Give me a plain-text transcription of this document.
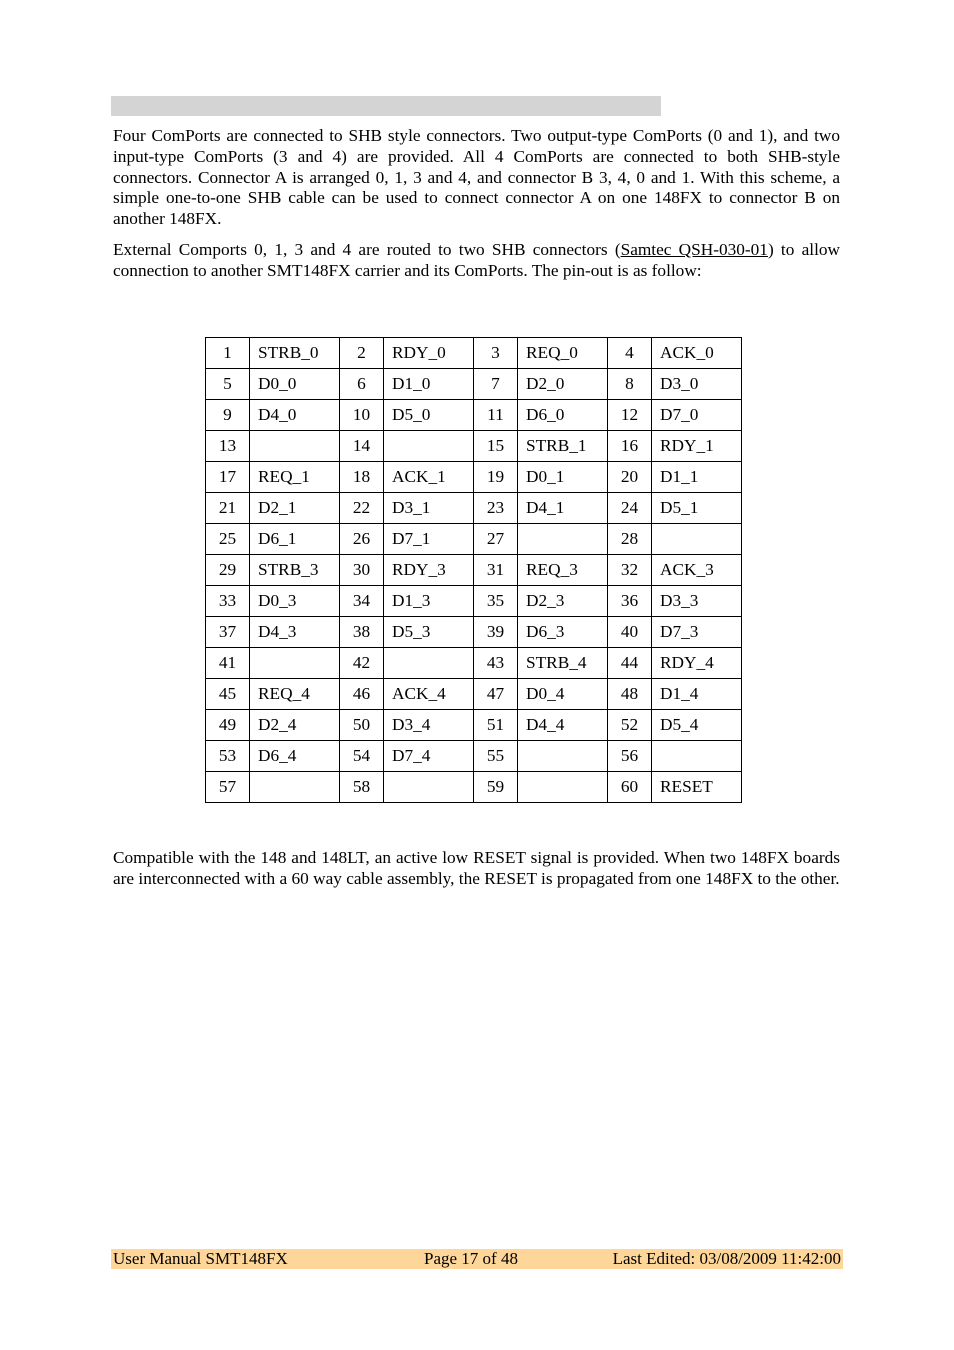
Four ComPorts are connected to SHB style connectors. Two output-type ComPorts (0 and 1), and two input-type ComPorts (3 and 4) are provided. All 4 ComPorts are connected to both SHB-style connectors. Connector A is arranged 0, 1, 3 and 4, and connector B 3, 4, 0 and 1. With this scheme, a simple one-to-one SHB cable can be used to connect connector A on one 148FX to connector B on another 148FX.

External Comports 0, 1, 3 and 4 are routed to two SHB connectors (Samtec QSH-030-01) to allow connection to another SMT148FX carrier and its ComPorts. The pin-out is as follow:

1	STRB_0	2	RDY_0	3	REQ_0	4	ACK_0
5	D0_0	6	D1_0	7	D2_0	8	D3_0
9	D4_0	10	D5_0	11	D6_0	12	D7_0
13		14		15	STRB_1	16	RDY_1
17	REQ_1	18	ACK_1	19	D0_1	20	D1_1
21	D2_1	22	D3_1	23	D4_1	24	D5_1
25	D6_1	26	D7_1	27		28	
29	STRB_3	30	RDY_3	31	REQ_3	32	ACK_3
33	D0_3	34	D1_3	35	D2_3	36	D3_3
37	D4_3	38	D5_3	39	D6_3	40	D7_3
41		42		43	STRB_4	44	RDY_4
45	REQ_4	46	ACK_4	47	D0_4	48	D1_4
49	D2_4	50	D3_4	51	D4_4	52	D5_4
53	D6_4	54	D7_4	55		56	
57		58		59		60	RESET

Compatible with the 148 and 148LT, an active low RESET signal is provided. When two 148FX boards are interconnected with a 60 way cable assembly, the RESET is propagated from one 148FX to the other.

User Manual SMT148FX	Page 17 of 48	Last Edited: 03/08/2009 11:42:00
